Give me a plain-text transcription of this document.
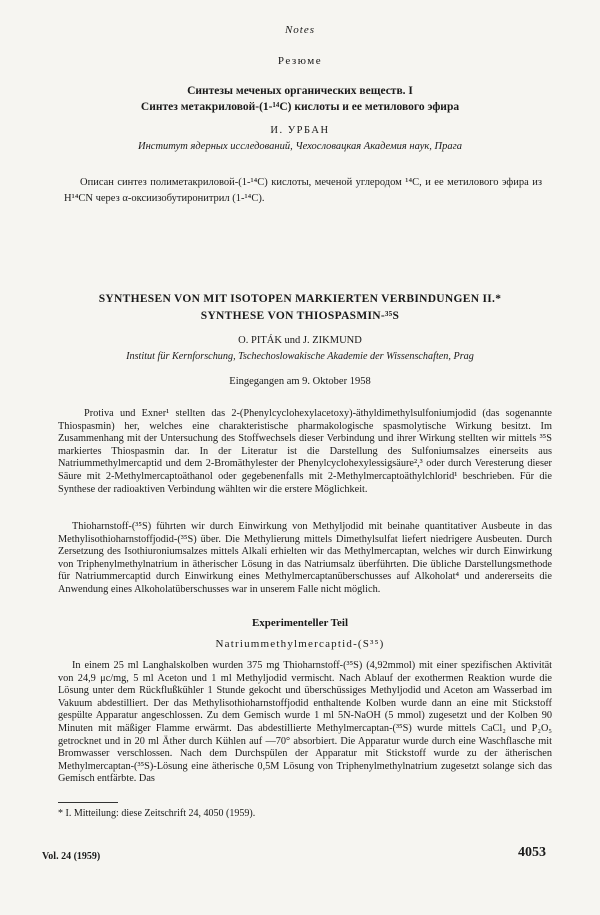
Notes
Резюме
Синтезы меченых органических веществ. I
Синтез метакриловой-(1-¹⁴C) кислоты и ее метилового эфира
И. УРБАН
Институт ядерных исследований, Чехословацкая Академия наук, Прага

Описан синтез полиметакриловой-(1-¹⁴C) кислоты, меченой углеродом ¹⁴C, и ее метилового эфира из H¹⁴CN через α-оксиизобутиронитрил (1-¹⁴C).

SYNTHESEN VON MIT ISOTOPEN MARKIERTEN VERBINDUNGEN II.*
SYNTHESE VON THIOSPASMIN-³⁵S
O. PITÁK und J. ZIKMUND
Institut für Kernforschung, Tschechoslowakische Akademie der Wissenschaften, Prag
Eingegangen am 9. Oktober 1958

Protiva und Exner¹ stellten das 2-(Phenylcyclohexylacetoxy)-äthyldimethylsulfoniumjodid (das sogenannte Thiospasmin) her, welches eine charakteristische pharmakologische spasmolytische Wirkung besitzt. Im Zusammenhang mit der Untersuchung des Stoffwechsels dieser Verbindung und ihrer Wirkung stellten wir mittels ³⁵S markiertes Thiospasmin dar. In der Literatur ist die Darstellung des Sulfoniumsalzes einerseits aus Natriummethylmercaptid und dem 2-Bromäthylester der Phenylcyclohexylessigsäure²,³ oder durch Veresterung dieser Säure mit 2-Methylmercaptoäthanol oder gegebenenfalls mit 2-Methylmercaptoäthylchlorid¹ beschrieben. Für die Synthese der radioaktiven Verbindung wählten wir die erstere Möglichkeit.

Thioharnstoff-(³⁵S) führten wir durch Einwirkung von Methyljodid mit beinahe quantitativer Ausbeute in das Methylisothioharnstoffjodid-(³⁵S) über. Die Methylierung mittels Dimethylsulfat liefert niedrigere Ausbeuten. Durch Zersetzung des Isothiuroniumsalzes mittels Alkali erhielten wir das Methylmercaptan, welches wir durch Einwirkung von Triphenylmethylnatrium in ätherischer Lösung in das Natriumsalz überführten. Die übliche Darstellungsmethode für Natriummercaptid durch Einwirkung eines Methylmercaptanüberschusses auf Alkoholat⁴ und andererseits die Anwendung eines Alkoholatüberschusses war in unserem Falle nicht möglich.

Experimenteller Teil
Natriummethylmercaptid-(S³⁵)

In einem 25 ml Langhalskolben wurden 375 mg Thioharnstoff-(³⁵S) (4,92mmol) mit einer spezifischen Aktivität von 24,9 μc/mg, 5 ml Aceton und 1 ml Methyljodid vermischt. Nach Ablauf der exothermen Reaktion wurde die Lösung unter dem Rückflußkühler 1 Stunde gekocht und überschüssiges Methyljodid und Aceton am Wasserbad im Vakuum abdestilliert. Der das Methylisothioharnstoffjodid enthaltende Kolben wurde dann an eine mit Stickstoff gespülte Apparatur angeschlossen. Zu dem Gemisch wurde 1 ml 5N-NaOH (5 mmol) zugesetzt und der Kolben 90 Minuten mit mäßiger Flamme erwärmt. Das abdestillierte Methylmercaptan-(³⁵S) wurde mittels CaCl₂ und P₂O₅ getrocknet und in 20 ml Äther durch Kühlen auf —70° absorbiert. Die Apparatur wurde durch eine Waschflasche mit Bromwasser verschlossen. Nach dem Durchspülen der Apparatur mit Stickstoff wurde zu der ätherischen Methylmercaptan-(³⁵S)-Lösung eine ätherische 0,5M Lösung von Triphenylmethylnatrium zugesetzt solange sich das Gemisch entfärbte. Das

* I. Mitteilung: diese Zeitschrift 24, 4050 (1959).
Vol. 24 (1959)	4053
